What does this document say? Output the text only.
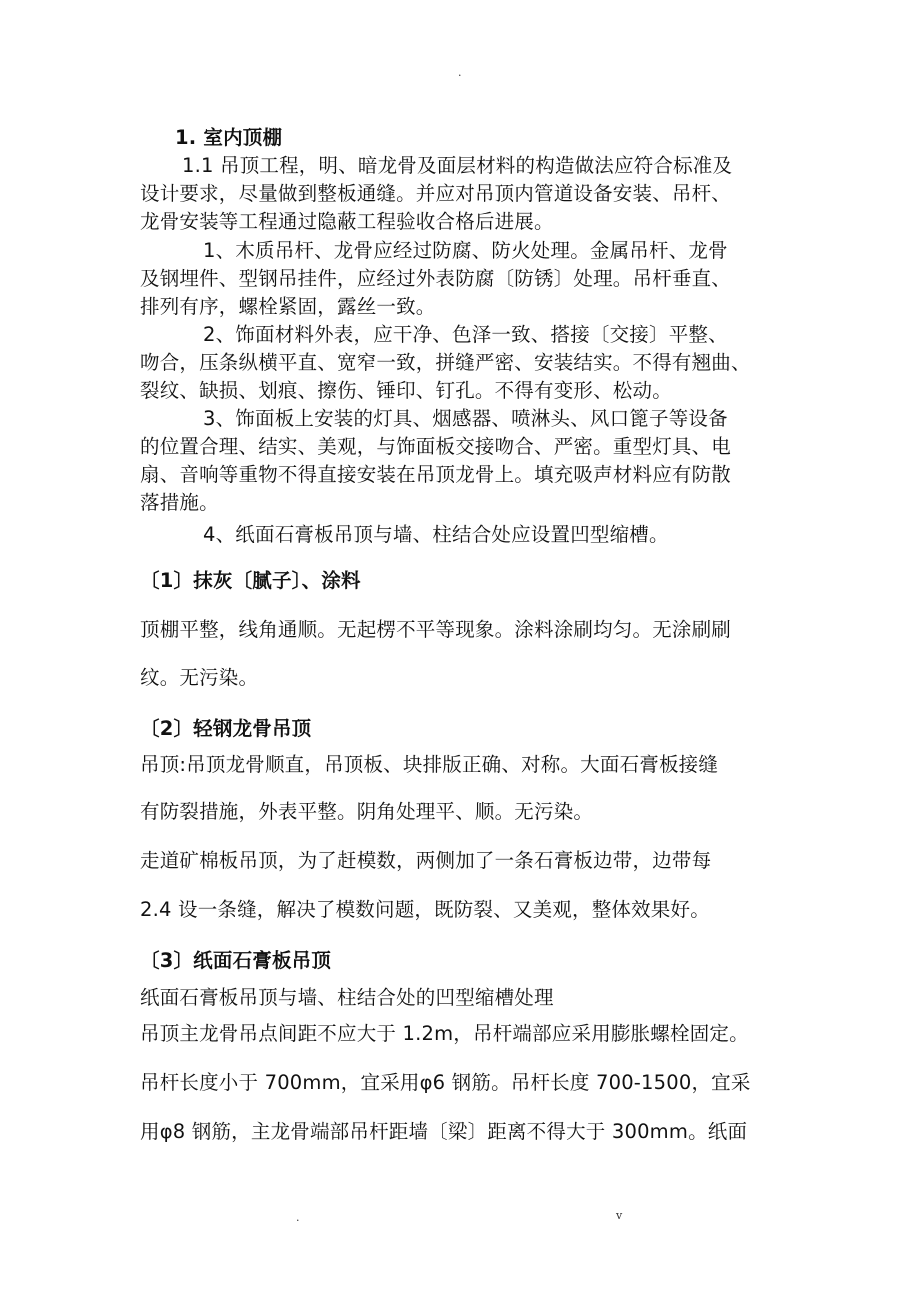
.
1. 室内顶棚
1.1 吊顶工程，明、暗龙骨及面层材料的构造做法应符合标准及
设计要求，尽量做到整板通缝。并应对吊顶内管道设备安装、吊杆、
龙骨安装等工程通过隐蔽工程验收合格后进展。
1、木质吊杆、龙骨应经过防腐、防火处理。金属吊杆、龙骨
及钢埋件、型钢吊挂件，应经过外表防腐〔防锈〕处理。吊杆垂直、
排列有序，螺栓紧固，露丝一致。
2、饰面材料外表，应干净、色泽一致、搭接〔交接〕平整、
吻合，压条纵横平直、宽窄一致，拼缝严密、安装结实。不得有翘曲、
裂纹、缺损、划痕、擦伤、锤印、钉孔。不得有变形、松动。
3、饰面板上安装的灯具、烟感器、喷淋头、风口篦子等设备
的位置合理、结实、美观，与饰面板交接吻合、严密。重型灯具、电
扇、音响等重物不得直接安装在吊顶龙骨上。填充吸声材料应有防散
落措施。
4、纸面石膏板吊顶与墙、柱结合处应设置凹型缩槽。
〔1〕抹灰〔腻子〕、涂料
顶棚平整，线角通顺。无起楞不平等现象。涂料涂刷均匀。无涂刷刷
纹。无污染。
〔2〕轻钢龙骨吊顶
吊顶:吊顶龙骨顺直，吊顶板、块排版正确、对称。大面石膏板接缝
有防裂措施，外表平整。阴角处理平、顺。无污染。
走道矿棉板吊顶，为了赶模数，两侧加了一条石膏板边带，边带每
2.4 设一条缝，解决了模数问题，既防裂、又美观，整体效果好。
〔3〕纸面石膏板吊顶
纸面石膏板吊顶与墙、柱结合处的凹型缩槽处理
吊顶主龙骨吊点间距不应大于 1.2m，吊杆端部应采用膨胀螺栓固定。
吊杆长度小于 700mm，宜采用φ6 钢筋。吊杆长度 700-1500，宜采
用φ8 钢筋，主龙骨端部吊杆距墙〔梁〕距离不得大于 300mm。纸面
.	v
